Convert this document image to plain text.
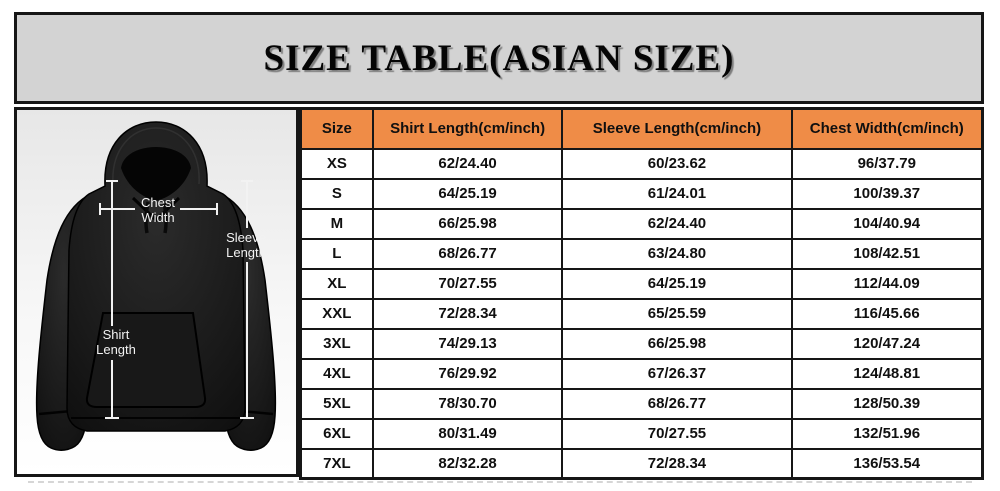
SIZE TABLE(ASIAN SIZE)
Chest
Width
Shirt
Length
Sleeve
Length
Size	Shirt Length(cm/inch)	Sleeve Length(cm/inch)	Chest Width(cm/inch)
XS	62/24.40	60/23.62	96/37.79
S	64/25.19	61/24.01	100/39.37
M	66/25.98	62/24.40	104/40.94
L	68/26.77	63/24.80	108/42.51
XL	70/27.55	64/25.19	112/44.09
XXL	72/28.34	65/25.59	116/45.66
3XL	74/29.13	66/25.98	120/47.24
4XL	76/29.92	67/26.37	124/48.81
5XL	78/30.70	68/26.77	128/50.39
6XL	80/31.49	70/27.55	132/51.96
7XL	82/32.28	72/28.34	136/53.54
